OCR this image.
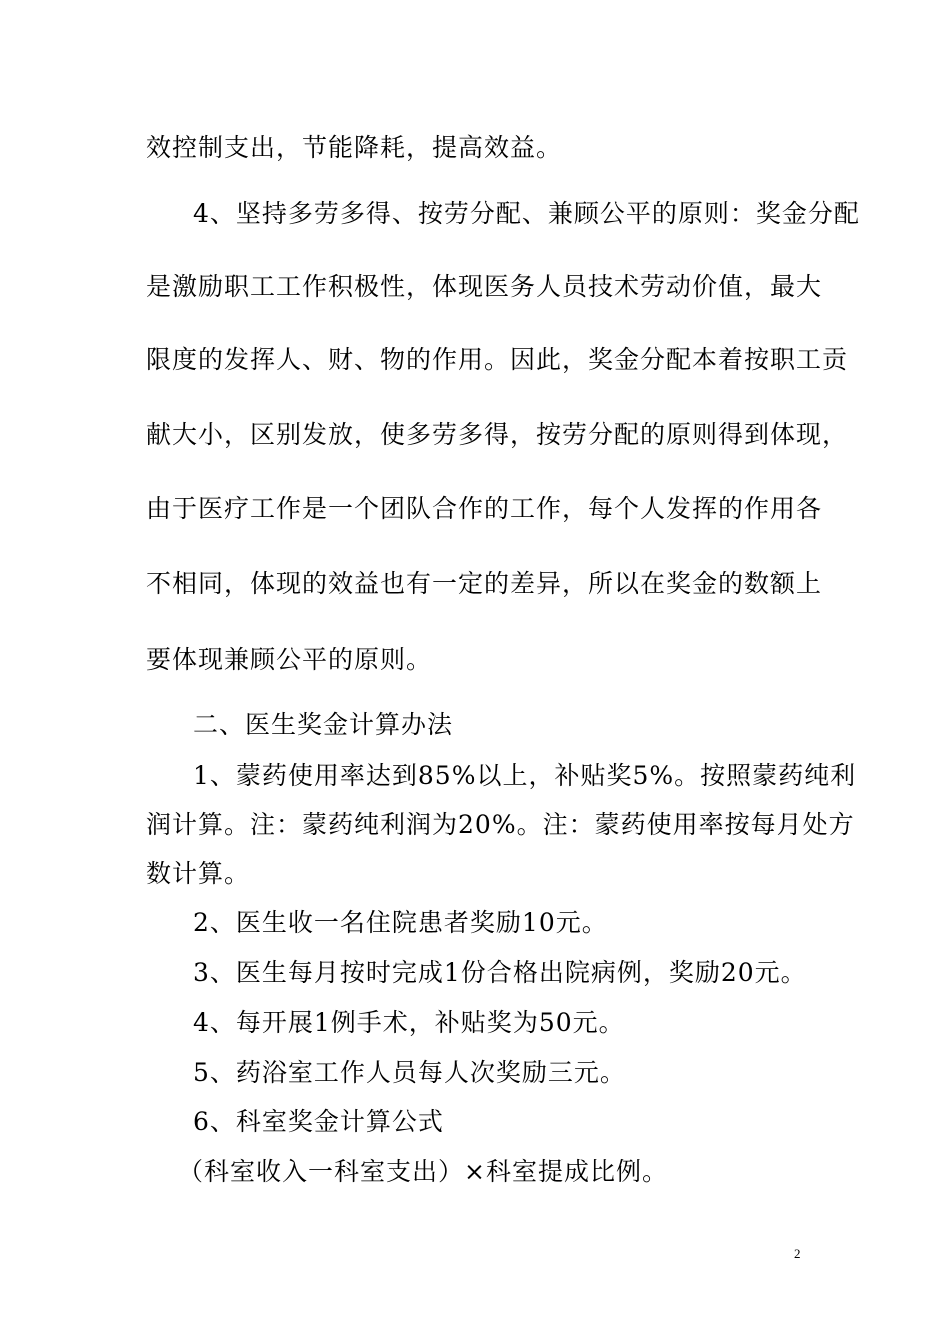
效控制支出，节能降耗，提高效益。
4、坚持多劳多得、按劳分配、兼顾公平的原则：奖金分配
是激励职工工作积极性，体现医务人员技术劳动价值，最大
限度的发挥人、财、物的作用。因此，奖金分配本着按职工贡
献大小，区别发放，使多劳多得，按劳分配的原则得到体现，
由于医疗工作是一个团队合作的工作，每个人发挥的作用各
不相同，体现的效益也有一定的差异，所以在奖金的数额上
要体现兼顾公平的原则。
二、医生奖金计算办法
1、蒙药使用率达到85%以上，补贴奖5%。按照蒙药纯利
润计算。注：蒙药纯利润为20%。注：蒙药使用率按每月处方
数计算。
2、医生收一名住院患者奖励10元。
3、医生每月按时完成1份合格出院病例，奖励20元。
4、每开展1例手术，补贴奖为50元。
5、药浴室工作人员每人次奖励三元。
6、科室奖金计算公式
（科室收入一科室支出）×科室提成比例。
2
